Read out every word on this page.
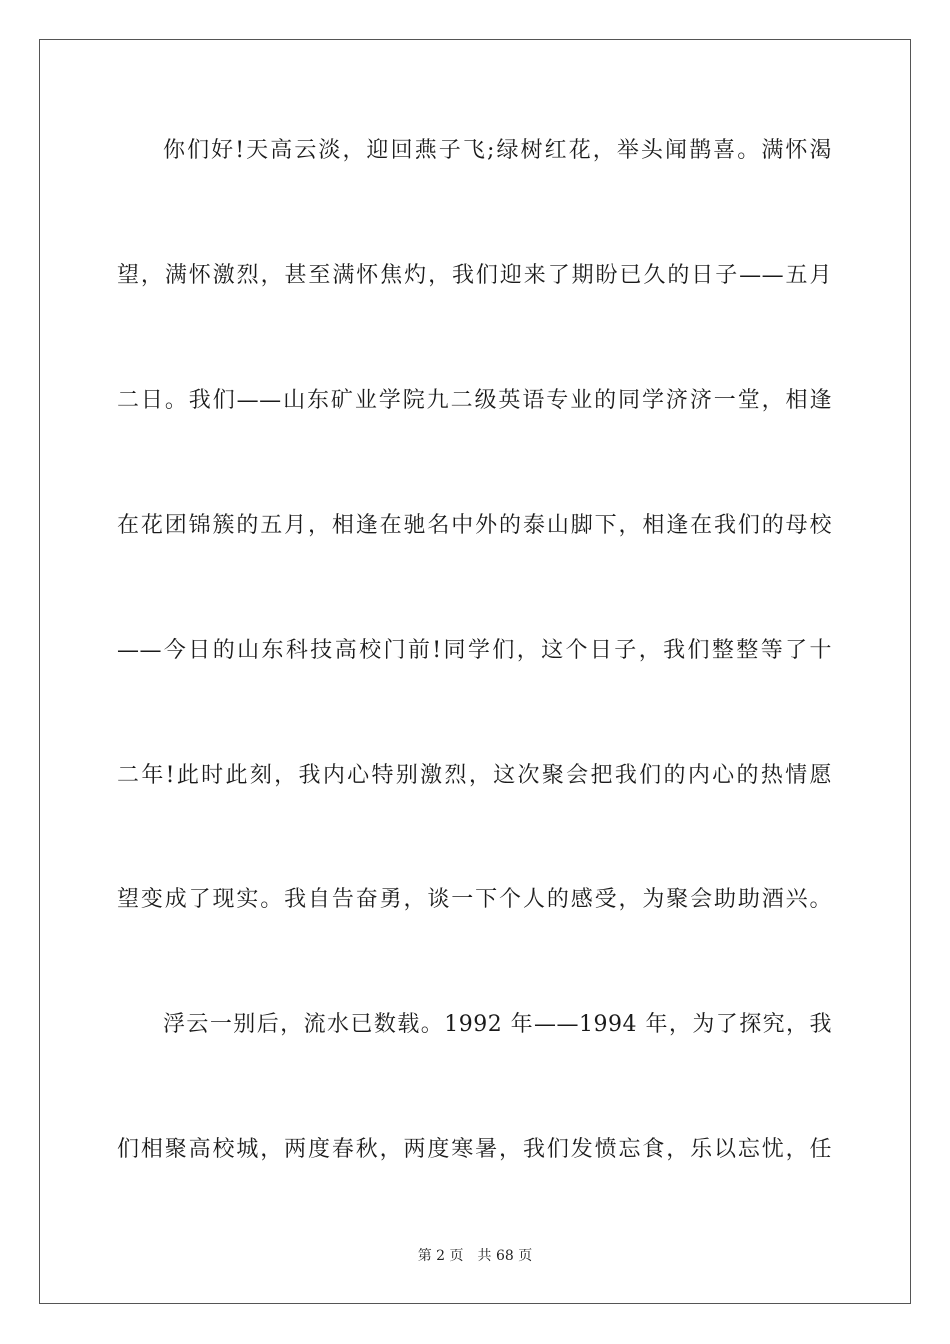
你们好!天高云淡，迎回燕子飞;绿树红花，举头闻鹊喜。满怀渴
望，满怀激烈，甚至满怀焦灼，我们迎来了期盼已久的日子——五月
二日。我们——山东矿业学院九二级英语专业的同学济济一堂，相逢
在花团锦簇的五月，相逢在驰名中外的泰山脚下，相逢在我们的母校
——今日的山东科技高校门前!同学们，这个日子，我们整整等了十
二年!此时此刻，我内心特别激烈，这次聚会把我们的内心的热情愿
望变成了现实。我自告奋勇，谈一下个人的感受，为聚会助助酒兴。
浮云一别后，流水已数载。1992 年——1994 年，为了探究，我
们相聚高校城，两度春秋，两度寒暑，我们发愤忘食，乐以忘忧，任
第 2 页 共 68 页
